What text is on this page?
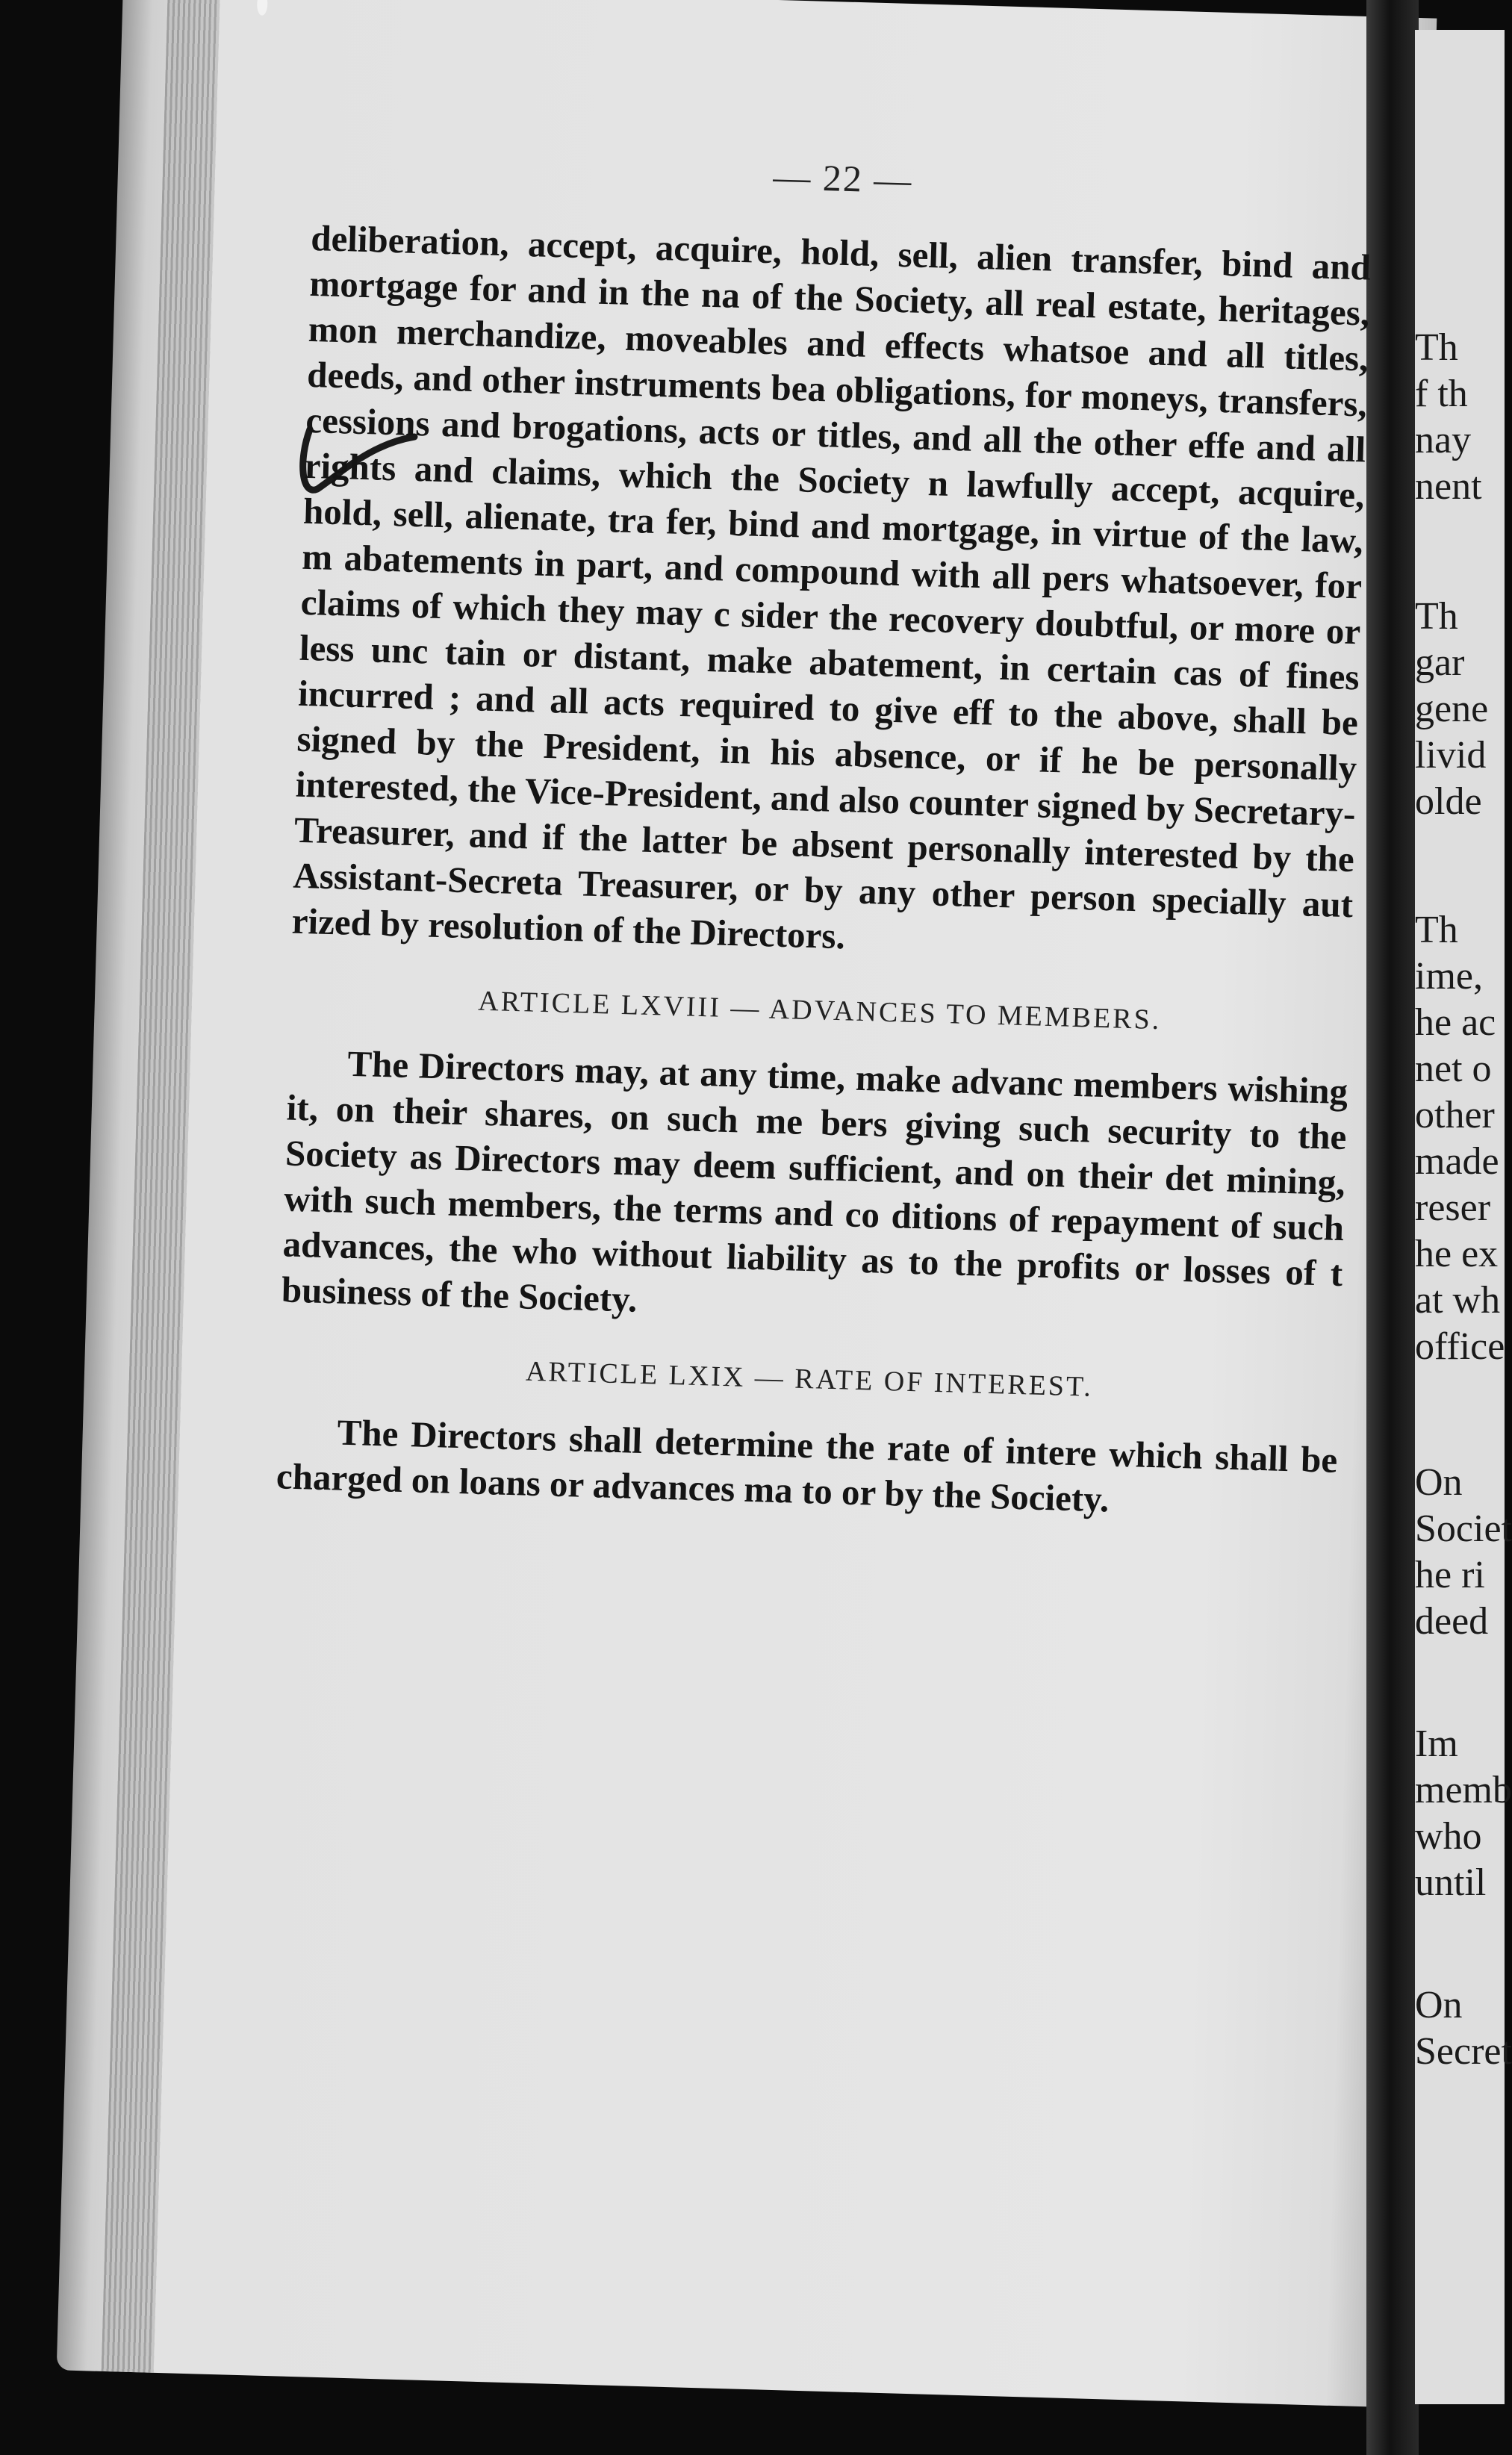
Th
f th
nay
nent
Th
gar
gene
livid
olde
Th
ime,
he ac
net o
other
made
reser
he ex
at wh
office
On
Societ
he ri
deed
Im
memb
who
until
On
Secret
— 22 —

deliberation, accept, acquire, hold, sell, alien transfer, bind and mortgage for and in the na of the Society, all real estate, heritages, mon merchandize, moveables and effects whatsoe and all titles, deeds, and other instruments bea obligations, for moneys, transfers, cessions and brogations, acts or titles, and all the other effe and all rights and claims, which the Society n lawfully accept, acquire, hold, sell, alienate, tra fer, bind and mortgage, in virtue of the law, m abatements in part, and compound with all pers whatsoever, for claims of which they may c sider the recovery doubtful, or more or less unc tain or distant, make abatement, in certain cas of fines incurred ; and all acts required to give eff to the above, shall be signed by the President, in his absence, or if he be personally interested, the Vice-President, and also counter signed by Secretary-Treasurer, and if the latter be absent personally interested by the Assistant-Secreta Treasurer, or by any other person specially aut rized by resolution of the Directors.

ARTICLE LXVIII — ADVANCES TO MEMBERS.

The Directors may, at any time, make advanc members wishing it, on their shares, on such me bers giving such security to the Society as Directors may deem sufficient, and on their det mining, with such members, the terms and co ditions of repayment of such advances, the who without liability as to the profits or losses of t business of the Society.

ARTICLE LXIX — RATE OF INTEREST.

The Directors shall determine the rate of intere which shall be charged on loans or advances ma to or by the Society.
